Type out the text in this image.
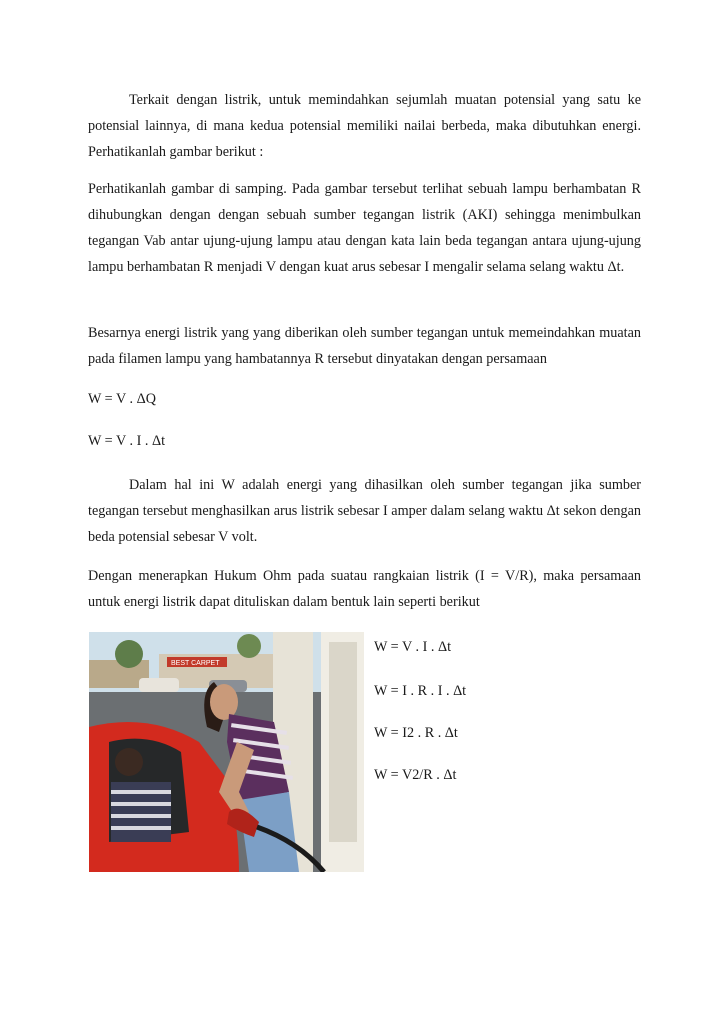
Terkait dengan listrik, untuk memindahkan sejumlah muatan potensial yang satu ke potensial lainnya, di mana kedua potensial memiliki nailai berbeda, maka dibutuhkan energi. Perhatikanlah gambar berikut :

Perhatikanlah gambar di samping. Pada gambar tersebut terlihat sebuah lampu berhambatan R dihubungkan dengan dengan sebuah sumber tegangan listrik (AKI) sehingga menimbulkan tegangan Vab antar ujung-ujung lampu atau dengan kata lain beda tegangan antara ujung-ujung lampu berhambatan R menjadi V dengan kuat arus sebesar I mengalir selama selang waktu Δt.

Besarnya energi listrik yang yang diberikan oleh sumber tegangan untuk memeindahkan muatan pada filamen lampu yang hambatannya R tersebut dinyatakan dengan persamaan

W = V . ΔQ

W = V . I . Δt

Dalam hal ini W adalah energi yang dihasilkan oleh sumber tegangan jika sumber tegangan tersebut menghasilkan arus listrik sebesar I amper dalam selang waktu Δt sekon dengan beda potensial sebesar V volt.

Dengan menerapkan Hukum Ohm pada suatau rangkaian listrik (I = V/R), maka persamaan untuk energi listrik dapat dituliskan dalam bentuk lain seperti berikut

BEST CARPET

W = V . I . Δt

W = I . R . I . Δt

W = I2 . R . Δt

W = V2/R . Δt
